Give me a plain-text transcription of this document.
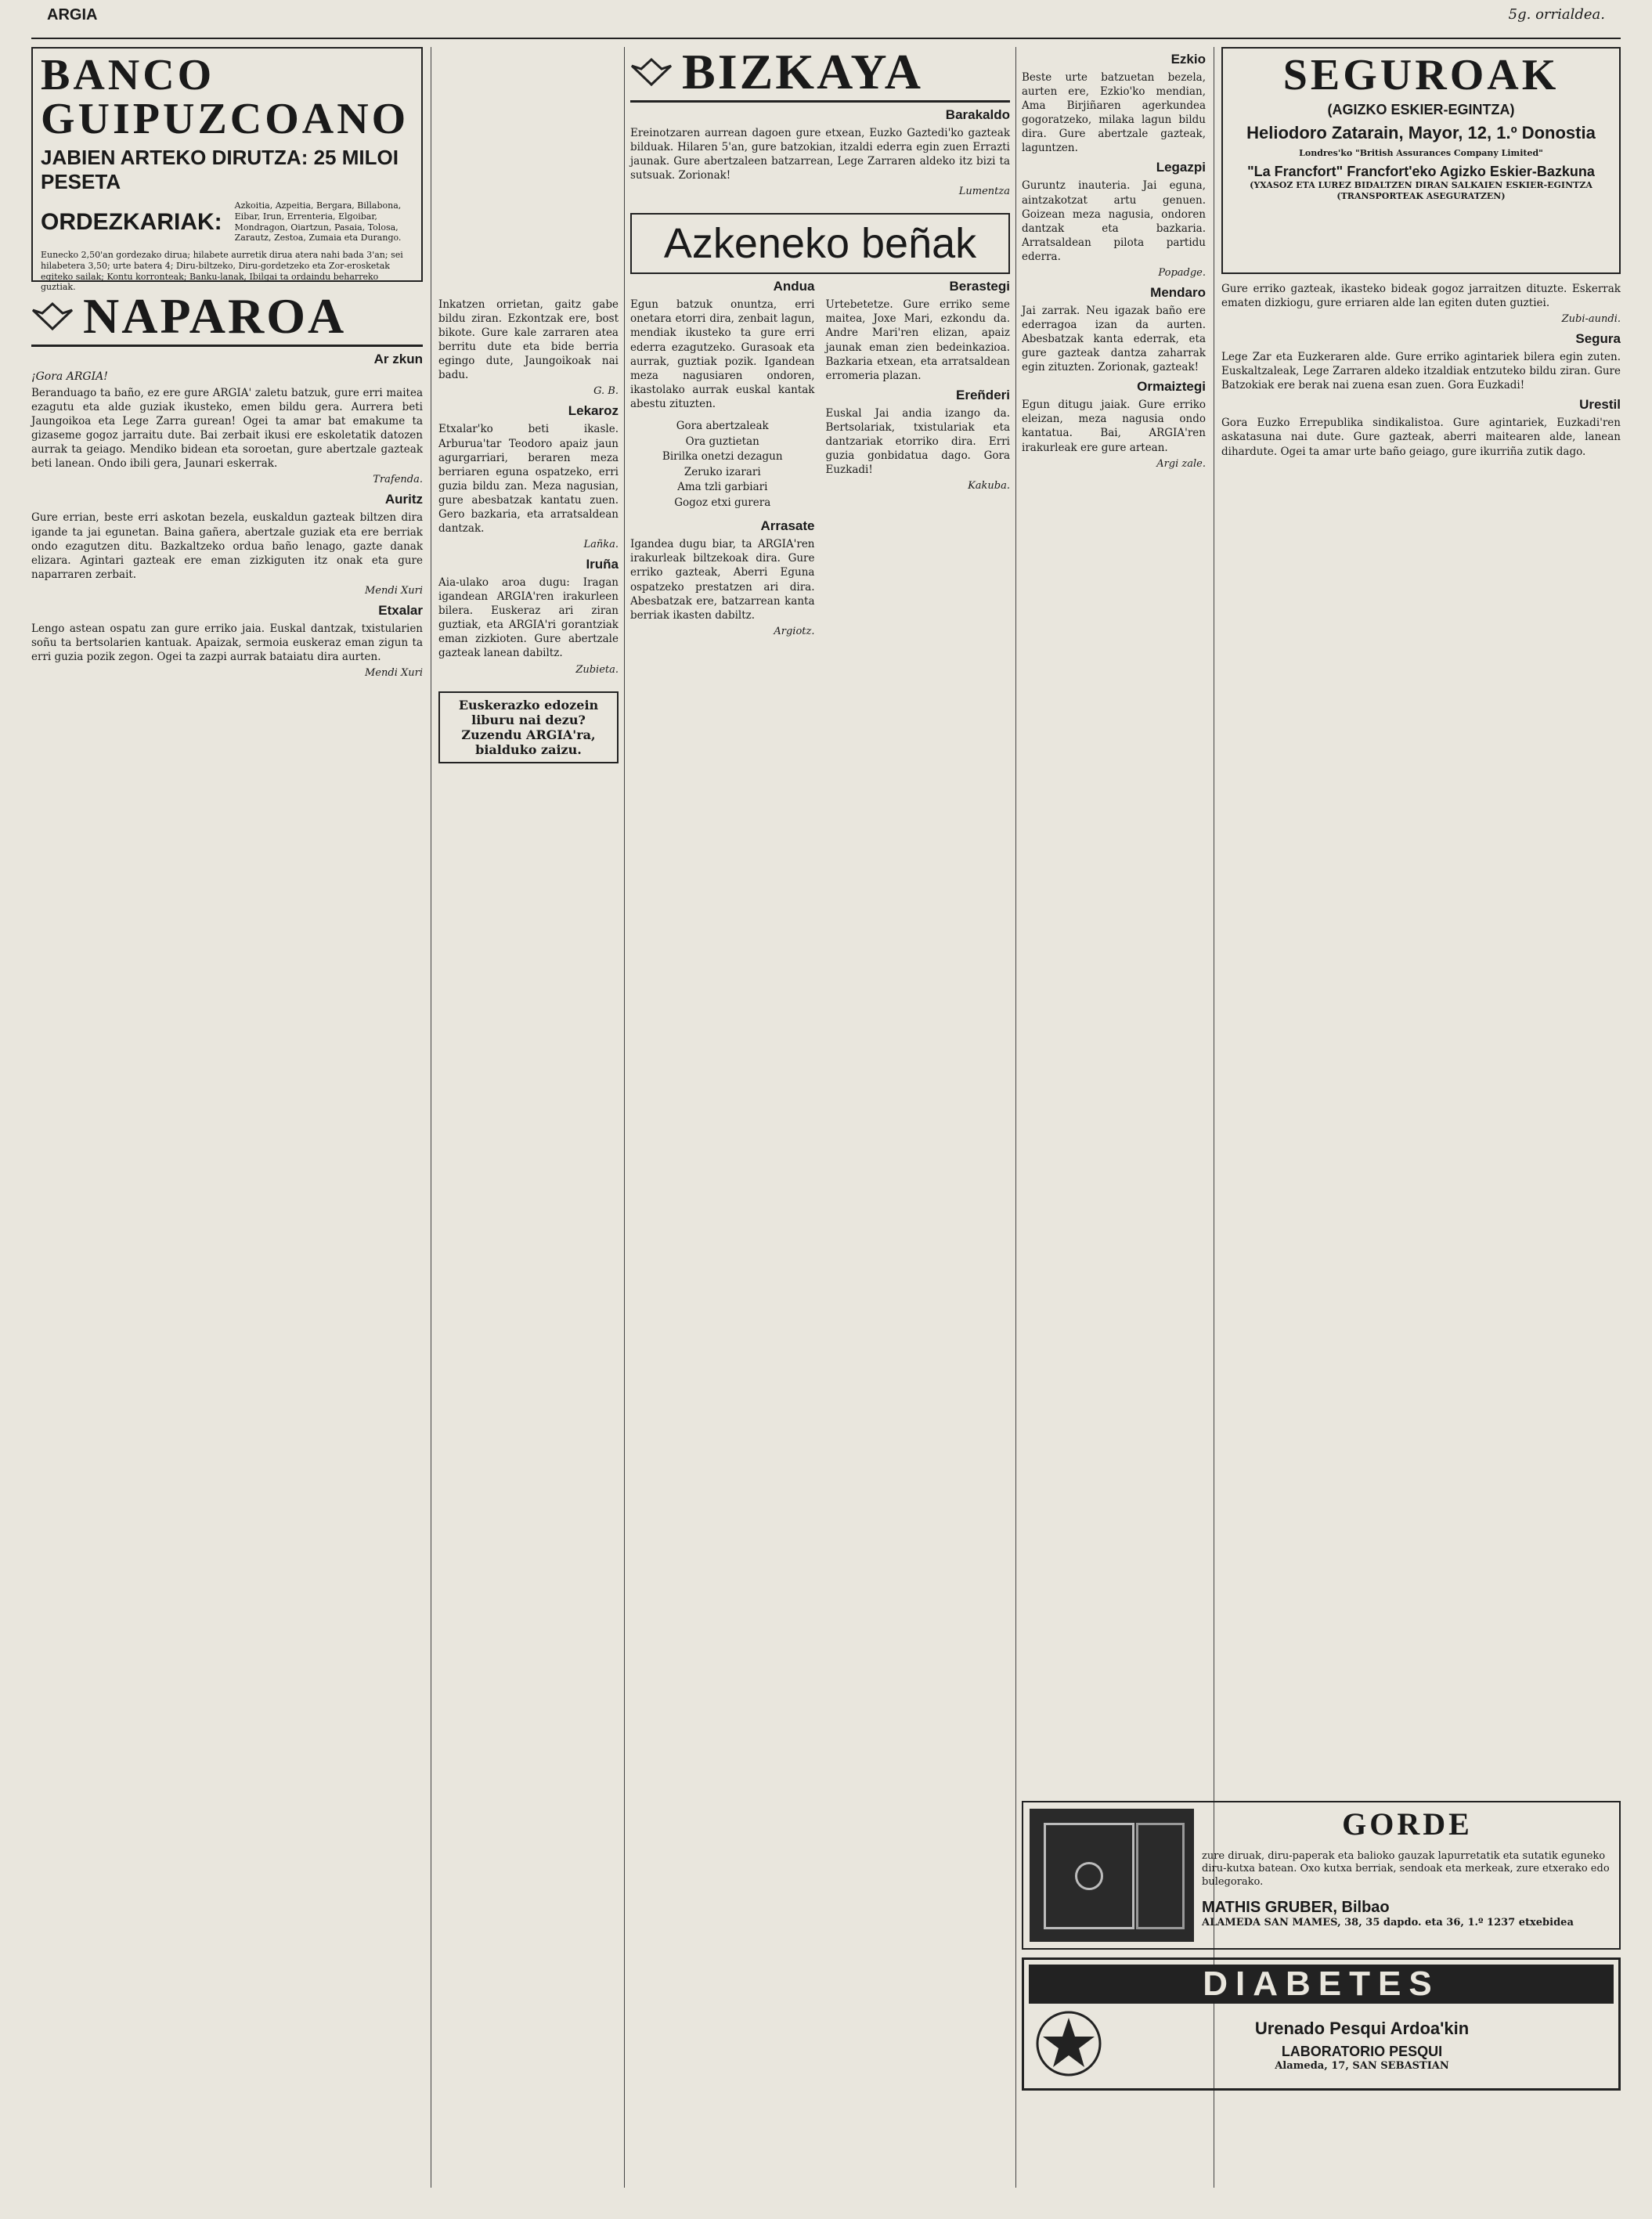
ARGIA	5g. orrialdea.
BANCO GUIPUZCOANO
JABIEN ARTEKO DIRUTZA: 25 MILOI PESETA
ORDEZKARIAK:
Azkoitia, Azpeitia, Bergara, Billabona, Eibar, Irun, Errenteria, Elgoibar, Mondragon, Oiartzun, Pasaia, Tolosa, Zarautz, Zestoa, Zumaia eta Durango.

Eunecko 2,50'an gordezako dirua; hilabete aurretik dirua atera nahi bada 3'an; sei hilabetera 3,50; urte batera 4; Diru-biltzeko, Diru-gordetzeko eta Zor-erosketak egiteko sailak; Kontu korronteak; Banku-lanak, Ibilgai ta ordaindu beharreko guztiak.

NAPAROA
Ar zkun
¡Gora ARGIA!

Beranduago ta baño, ez ere gure ARGIA' zaletu batzuk, gure erri maitea ezagutu eta alde guziak ikusteko, emen bildu gera. Aurrera beti Jaungoikoa eta Lege Zarra gurean! Ogei ta amar bat emakume ta gizaseme gogoz jarraitu dute. Bai zerbait ikusi ere eskoletatik datozen aurrak ta geiago. Mendiko bidean eta soroetan, gure abertzale gazteak beti lanean. Ondo ibili gera, Jaunari eskerrak.

Trafenda.
Auritz

Gure errian, beste erri askotan bezela, euskaldun gazteak biltzen dira igande ta jai egunetan. Baina gañera, abertzale guziak eta ere berriak ondo ezagutzen ditu. Bazkaltzeko ordua baño lenago, gazte danak elizara. Agintari gazteak ere eman zizkiguten itz onak eta gure naparraren zerbait.

Mendi Xuri
Etxalar

Lengo astean ospatu zan gure erriko jaia. Euskal dantzak, txistularien soñu ta bertsolarien kantuak. Apaizak, sermoia euskeraz eman zigun ta erri guzia pozik zegon. Ogei ta zazpi aurrak bataiatu dira aurten.

Mendi Xuri

Inkatzen orrietan, gaitz gabe bildu ziran. Ezkontzak ere, bost bikote. Gure kale zarraren atea berritu dute eta bide berria egingo dute, Jaungoikoak nai badu.

G. B.
Lekaroz

Etxalar'ko beti ikasle. Arburua'tar Teodoro apaiz jaun agurgarriari, beraren meza berriaren eguna ospatzeko, erri guzia bildu zan. Meza nagusian, gure abesbatzak kantatu zuen. Gero bazkaria, eta arratsaldean dantzak.

Lañka.
Iruña

Aia-ulako aroa dugu: Iragan igandean ARGIA'ren irakurleen bilera. Euskeraz ari ziran guztiak, eta ARGIA'ri gorantziak eman zizkioten. Gure abertzale gazteak lanean dabiltz.

Zubieta.
Euskerazko edozein liburu nai dezu? Zuzendu ARGIA'ra, bialduko zaizu.
BIZKAYA
Barakaldo

Ereinotzaren aurrean dagoen gure etxean, Euzko Gaztedi'ko gazteak bilduak. Hilaren 5'an, gure batzokian, itzaldi ederra egin zuen Errazti jaunak. Gure abertzaleen batzarrean, Lege Zarraren aldeko itz bizi ta sutsuak. Zorionak!

Lumentza
Azkeneko beñak
Andua

Egun batzuk onuntza, erri onetara etorri dira, zenbait lagun, mendiak ikusteko ta gure erri ederra ezagutzeko. Gurasoak eta aurrak, guztiak pozik. Igandean meza nagusiaren ondoren, ikastolako aurrak euskal kantak abestu zituzten.

Gora abertzaleak
Ora guztietan
Birilka onetzi dezagun
Zeruko izarari
Ama tzli garbiari
Gogoz etxi gurera
Arrasate

Igandea dugu biar, ta ARGIA'ren irakurleak biltzekoak dira. Gure erriko gazteak, Aberri Eguna ospatzeko prestatzen ari dira. Abesbatzak ere, batzarrean kanta berriak ikasten dabiltz.

Argiotz.
Berastegi

Urtebetetze. Gure erriko seme maitea, Joxe Mari, ezkondu da. Andre Mari'ren elizan, apaiz jaunak eman zien bedeinkazioa. Bazkaria etxean, eta arratsaldean erromeria plazan.

Ereñderi

Euskal Jai andia izango da. Bertsolariak, txistulariak eta dantzariak etorriko dira. Erri guzia gonbidatua dago. Gora Euzkadi!

Kakuba.
Ezkio

Beste urte batzuetan bezela, aurten ere, Ezkio'ko mendian, Ama Birjiñaren agerkundea gogoratzeko, milaka lagun bildu dira. Gure abertzale gazteak, laguntzen.

Legazpi

Guruntz inauteria. Jai eguna, aintzakotzat artu genuen. Goizean meza nagusia, ondoren dantzak eta bazkaria. Arratsaldean pilota partidu ederra.

Popadge.
Mendaro

Jai zarrak. Neu igazak baño ere ederragoa izan da aurten. Abesbatzak kanta ederrak, eta gure gazteak dantza zaharrak egin zituzten. Zorionak, gazteak!

Ormaiztegi

Egun ditugu jaiak. Gure erriko eleizan, meza nagusia ondo kantatua. Bai, ARGIA'ren irakurleak ere gure artean.

Argi zale.
SEGUROAK
(AGIZKO ESKIER-EGINTZA)
Heliodoro Zatarain, Mayor, 12, 1.º Donostia
Londres'ko "British Assurances Company Limited"
"La Francfort" Francfort'eko Agizko Eskier-Bazkuna
(YXASOZ ETA LUREZ BIDALTZEN DIRAN SALKAIEN ESKIER-EGINTZA (TRANSPORTEAK ASEGURATZEN)

Gure erriko gazteak, ikasteko bideak gogoz jarraitzen dituzte. Eskerrak ematen dizkiogu, gure erriaren alde lan egiten duten guztiei.

Zubi-aundi.
Segura

Lege Zar eta Euzkeraren alde. Gure erriko agintariek bilera egin zuten. Euskaltzaleak, Lege Zarraren aldeko itzaldiak entzuteko bildu ziran. Gure Batzokiak ere berak nai zuena esan zuen. Gora Euzkadi!

Urestil

Gora Euzko Errepublika sindikalistoa. Gure agintariek, Euzkadi'ren askatasuna nai dute. Gure gazteak, aberri maitearen alde, lanean dihardute. Ogei ta amar urte baño geiago, gure ikurriña zutik dago.

GORDE

zure diruak, diru-paperak eta balioko gauzak lapurretatik eta sutatik eguneko diru-kutxa batean. Oxo kutxa berriak, sendoak eta merkeak, zure etxerako edo bulegorako.

MATHIS GRUBER, Bilbao
ALAMEDA SAN MAMES, 38, 35 dapdo. eta 36, 1.º 1237 etxebidea
DIABETES
Urenado Pesqui Ardoa'kin
LABORATORIO PESQUI
Alameda, 17, SAN SEBASTIAN
